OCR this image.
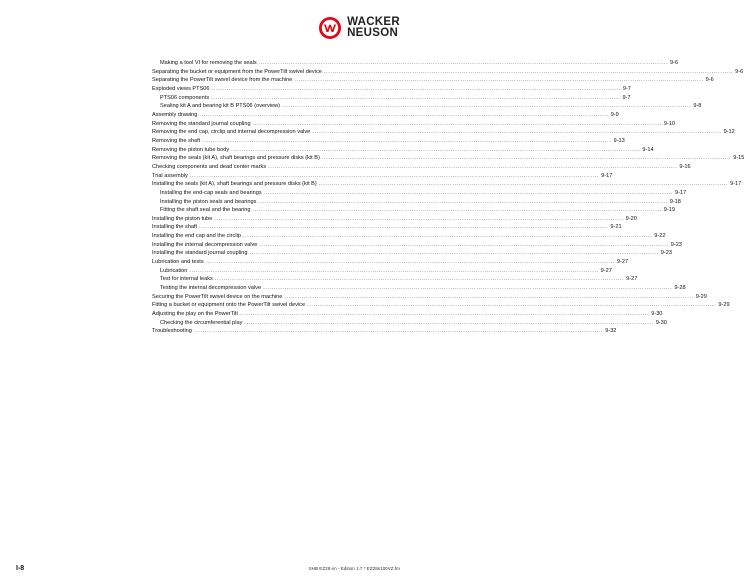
WACKER
NEUSON
Making a tool VI for removing the seals .....	9-6
Separating the bucket or equipment from the PowerTilt swivel device .....	9-6
Separating the PowerTilt swivel device from the machine .....	9-6
Exploded views PTS06 .....	9-7
PTS06 components .....	9-7
Sealing kit A and bearing kit B PTS06 (overview) .....	9-8
Assembly drawing .....	9-9
Removing the standard journal coupling .....	9-10
Removing the end cap, circlip and internal decompression valve .....	9-12
Removing the shaft .....	9-13
Removing the piston tube body .....	9-14
Removing the seals (kit A), shaft bearings and pressure disks (kit B) .....	9-15
Checking components and dead center marks .....	9-16
Trial assembly .....	9-17
Installing the seals (kit A), shaft bearings and pressure disks (kit B) .....	9-17
Installing the end-cap seals and bearings .....	9-17
Installing the piston seals and bearings .....	9-18
Fitting the shaft seal and the bearing .....	9-19
Installing the piston tube .....	9-20
Installing the shaft .....	9-21
Installing the end cap and the circlip .....	9-22
Installing the internal decompression valve .....	9-23
Installing the standard journal coupling .....	9-23
Lubrication and tests .....	9-27
Lubrication .....	9-27
Test for internal leaks .....	9-27
Testing the internal decompression valve .....	9-28
Securing the PowerTilt swivel device on the machine .....	9-29
Fitting a bucket or equipment onto the PowerTilt swivel device .....	9-29
Adjusting the play on the PowerTilt .....	9-30
Checking the circumferential play .....	9-30
Troubleshooting .....	9-32
I-8	SHB EZ28 en - Edition 1.7 * EZ28s100VZ.fm
